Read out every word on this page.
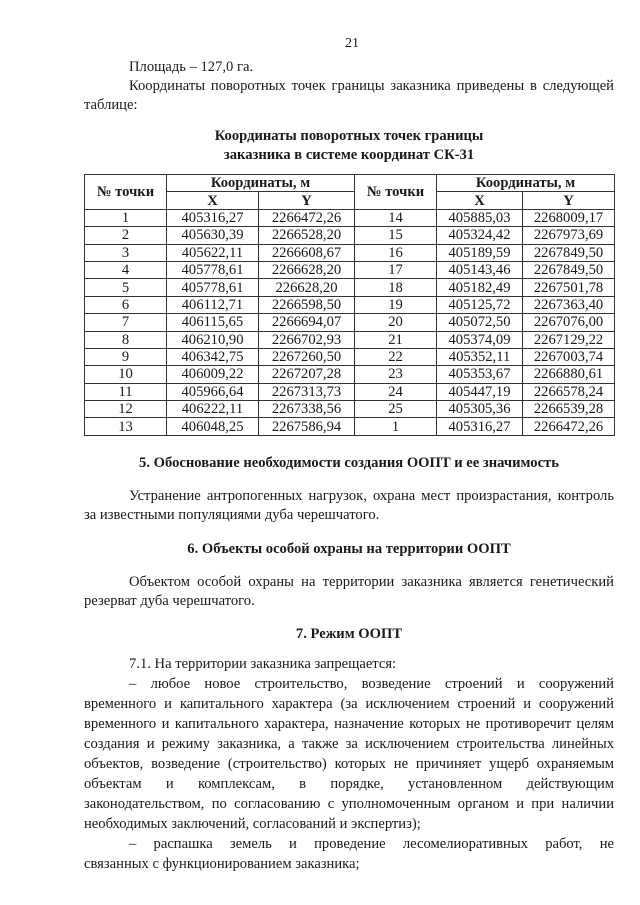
21
Площадь – 127,0 га.
Координаты поворотных точек границы заказника приведены в следующей
таблице:
Координаты поворотных точек границы
заказника в системе координат СК-31
№ точки	Координаты, м		№ точки	Координаты, м	
	X	Y		X	Y
1	405316,27	2266472,26	14	405885,03	2268009,17
2	405630,39	2266528,20	15	405324,42	2267973,69
3	405622,11	2266608,67	16	405189,59	2267849,50
4	405778,61	2266628,20	17	405143,46	2267849,50
5	405778,61	226628,20	18	405182,49	2267501,78
6	406112,71	2266598,50	19	405125,72	2267363,40
7	406115,65	2266694,07	20	405072,50	2267076,00
8	406210,90	2266702,93	21	405374,09	2267129,22
9	406342,75	2267260,50	22	405352,11	2267003,74
10	406009,22	2267207,28	23	405353,67	2266880,61
11	405966,64	2267313,73	24	405447,19	2266578,24
12	406222,11	2267338,56	25	405305,36	2266539,28
13	406048,25	2267586,94	1	405316,27	2266472,26
5. Обоснование необходимости создания ООПТ и ее значимость
Устранение антропогенных нагрузок, охрана мест произрастания, контроль
за известными популяциями дуба черешчатого.
6. Объекты особой охраны на территории ООПТ
Объектом особой охраны на территории заказника является генетический
резерват дуба черешчатого.
7. Режим ООПТ
7.1. На территории заказника запрещается:
– любое новое строительство, возведение строений и сооружений
временного и капитального характера (за исключением строений и сооружений
временного и капитального характера, назначение которых не противоречит целям
создания и режиму заказника, а также за исключением строительства линейных
объектов, возведение (строительство) которых не причиняет ущерб охраняемым
объектам и комплексам, в порядке, установленном действующим
законодательством, по согласованию с уполномоченным органом и при наличии
необходимых заключений, согласований и экспертиз);
– распашка земель и проведение лесомелиоративных работ, не
связанных с функционированием заказника;
